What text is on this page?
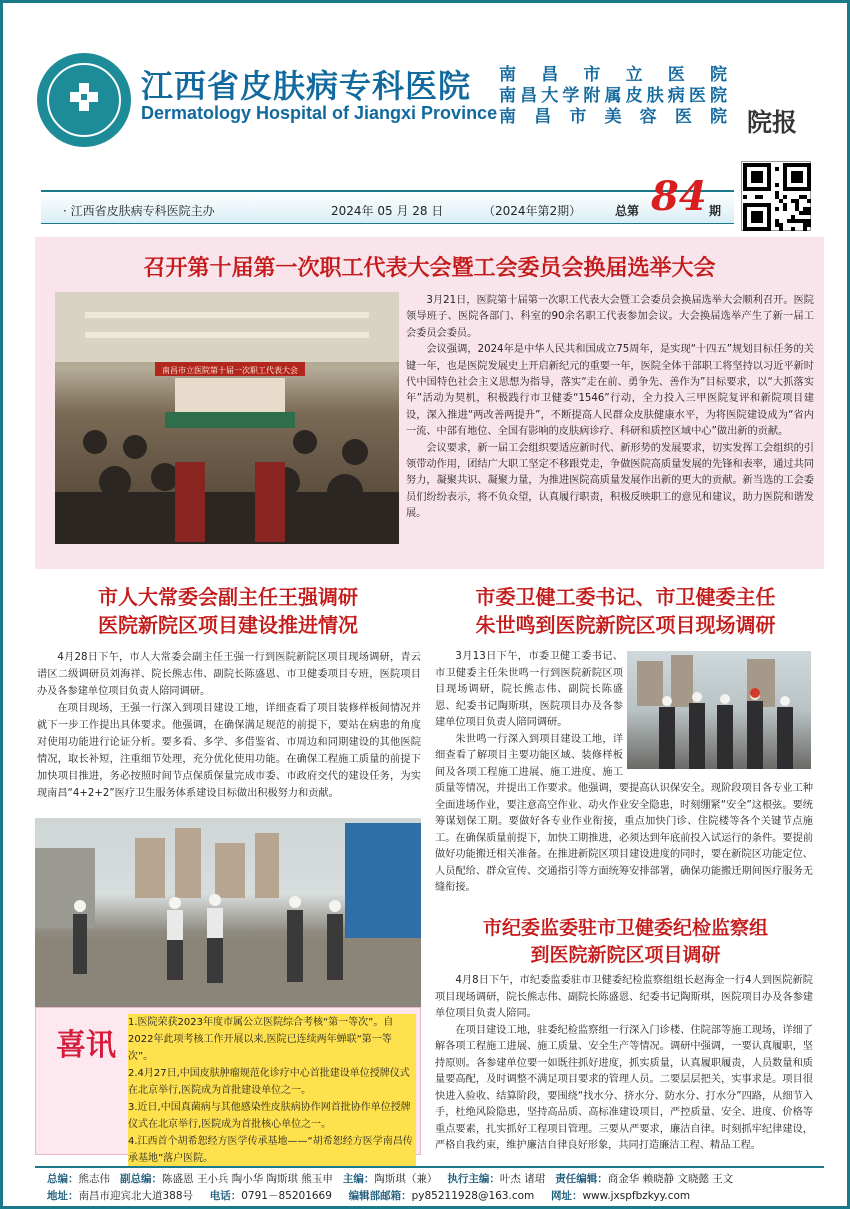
江西省皮肤病专科医院
Dermatology Hospital of Jiangxi Province
南 昌 市 立 医 院
南昌大学附属皮肤病医院
南 昌 市 美 容 医 院 院报
· 江西省皮肤病专科医院主办	2024年 05 月 28 日	（2024年第2期）	总第 84 期
召开第十届第一次职工代表大会暨工会委员会换届选举大会
南昌市立医院第十届一次职工代表大会

3月21日，医院第十届第一次职工代表大会暨工会委员会换届选举大会顺利召开。医院领导班子、医院各部门、科室的90余名职工代表参加会议。大会换届选举产生了新一届工会委员会委员。

会议强调，2024年是中华人民共和国成立75周年，是实现“十四五”规划目标任务的关键一年，也是医院发展史上开启新纪元的重要一年，医院全体干部职工将坚持以习近平新时代中国特色社会主义思想为指导，落实“走在前、勇争先、善作为”目标要求，以“大抓落实年”活动为契机，积极践行市卫健委“1546”行动，全力投入三甲医院复评和新院项目建设，深入推进“两改善两提升”，不断提高人民群众皮肤健康水平，为将医院建设成为“省内一流、中部有地位、全国有影响的皮肤病诊疗、科研和质控区域中心”做出新的贡献。

会议要求，新一届工会组织要适应新时代、新形势的发展要求，切实发挥工会组织的引领带动作用，团结广大职工坚定不移跟党走，争做医院高质量发展的先锋和表率，通过共同努力，凝聚共识、凝聚力量，为推进医院高质量发展作出新的更大的贡献。新当选的工会委员们纷纷表示，将不负众望，认真履行职责，积极反映职工的意见和建议，助力医院和谐发展。

市人大常委会副主任王强调研
医院新院区项目建设推进情况

4月28日下午，市人大常委会副主任王强一行到医院新院区项目现场调研，青云谱区二级调研员刘海祥、院长熊志伟、副院长陈盛恩、市卫健委项目专班，医院项目办及各参建单位项目负责人陪同调研。

在项目现场，王强一行深入到项目建设工地，详细查看了项目装修样板间情况并就下一步工作提出具体要求。他强调，在确保满足规范的前提下，要站在病患的角度对使用功能进行论证分析。要多看、多学、多借鉴省、市周边和同期建设的其他医院情况，取长补短，注重细节处理，充分优化使用功能。在确保工程施工质量的前提下加快项目推进，务必按照时间节点保质保量完成市委、市政府交代的建设任务，为实现南昌“4+2+2”医疗卫生服务体系建设目标做出积极努力和贡献。

喜讯
1.医院荣获2023年度市属公立医院综合考核“第一等次”。自2022年此项考核工作开展以来,医院已连续两年蝉联“第一等次”。
2.4月27日,中国皮肤肿瘤规范化诊疗中心首批建设单位授牌仪式在北京举行,医院成为首批建设单位之一。
3.近日,中国真菌病与其他感染性皮肤病协作网首批协作单位授牌仪式在北京举行,医院成为首批核心单位之一。
4.江西首个胡希恕经方医学传承基地——“胡希恕经方医学南昌传承基地”落户医院。
市委卫健工委书记、市卫健委主任
朱世鸣到医院新院区项目现场调研

3月13日下午，市委卫健工委书记、市卫健委主任朱世鸣一行到医院新院区项目现场调研，院长熊志伟、副院长陈盛恩、纪委书记陶斯琪，医院项目办及各参建单位项目负责人陪同调研。

朱世鸣一行深入到项目建设工地，详细查看了解项目主要功能区域、装修样板间及各项工程施工进展、施工进度、施工质量等情况，并提出工作要求。他强调，要提高认识保安全。现阶段项目各专业工种全面进场作业，要注意高空作业、动火作业安全隐患，时刻绷紧“安全”这根弦。要统筹谋划保工期。要做好各专业作业衔接，重点加快门诊、住院楼等各个关键节点施工。在确保质量前提下，加快工期推进，必须达到年底前投入试运行的条件。要提前做好功能搬迁相关准备。在推进新院区项目建设进度的同时，要在新院区功能定位、人员配给、群众宣传、交通指引等方面统筹安排部署，确保功能搬迁期间医疗服务无缝衔接。

市纪委监委驻市卫健委纪检监察组
到医院新院区项目调研

4月8日下午，市纪委监委驻市卫健委纪检监察组组长赵海金一行4人到医院新院项目现场调研，院长熊志伟、副院长陈盛恩、纪委书记陶斯琪，医院项目办及各参建单位项目负责人陪同。

在项目建设工地，驻委纪检监察组一行深入门诊楼、住院部等施工现场，详细了解各项工程施工进展、施工质量、安全生产等情况。调研中强调，一要认真履职，坚持原则。各参建单位要一如既往抓好进度，抓实质量，认真履职履责，人员数量和质量要高配，及时调整不满足项目要求的管理人员。二要层层把关，实事求是。项目很快进入验收、结算阶段，要围绕“找水分、挤水分、防水分、打水分”四路，从细节入手，杜绝风险隐患，坚持高品质、高标准建设项目，严控质量、安全、进度、价格等重点要素，扎实抓好工程项目管理。三要从严要求，廉洁自律。时刻抓牢纪律建设，严格自我约束，维护廉洁自律良好形象，共同打造廉洁工程、精品工程。

总编：熊志伟 副总编：陈盛恩 王小兵 陶小华 陶斯琪 熊玉申 主编：陶斯琪（兼） 执行主编：叶杰 诸珺 责任编辑：商金华 赖晓静 文晓懿 王文
地址：南昌市迎宾北大道388号 电话：0791－85201669 编辑部邮箱：py85211928@163.com 网址：www.jxspfbzkyy.com
